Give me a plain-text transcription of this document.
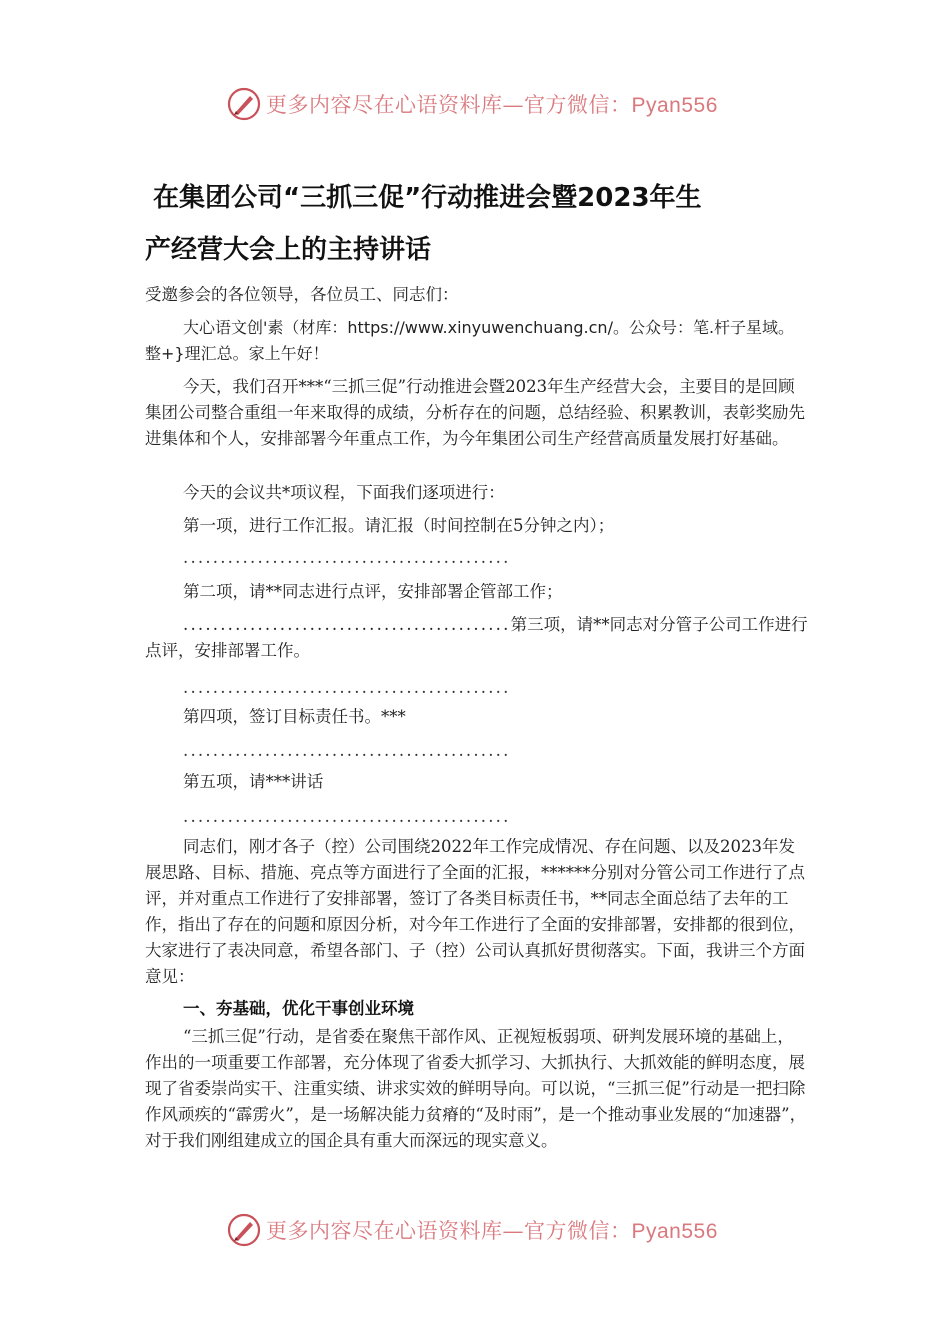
更多内容尽在心语资料库—官方微信：Pyan556
在集团公司“三抓三促”行动推进会暨2023年生
产经营大会上的主持讲话

受邀参会的各位领导，各位员工、同志们：

大心语文创'素（材库：https://www.xinyuwenchuang.cn/。公众号：笔.杆子星域。整+}理汇总。家上午好！

今天，我们召开***“三抓三促”行动推进会暨2023年生产经营大会，主要目的是回顾集团公司整合重组一年来取得的成绩，分析存在的问题，总结经验、积累教训，表彰奖励先进集体和个人，安排部署今年重点工作，为今年集团公司生产经营高质量发展打好基础。

今天的会议共*项议程，下面我们逐项进行：

第一项，进行工作汇报。请汇报（时间控制在5分钟之内）；

............................................

第二项，请**同志进行点评，安排部署企管部工作；

............................................第三项，请**同志对分管子公司工作进行点评，安排部署工作。

............................................

第四项，签订目标责任书。***

............................................

第五项，请***讲话

............................................

同志们，刚才各子（控）公司围绕2022年工作完成情况、存在问题、以及2023年发展思路、目标、措施、亮点等方面进行了全面的汇报，******分别对分管公司工作进行了点评，并对重点工作进行了安排部署，签订了各类目标责任书，**同志全面总结了去年的工作，指出了存在的问题和原因分析，对今年工作进行了全面的安排部署，安排都的很到位，大家进行了表决同意，希望各部门、子（控）公司认真抓好贯彻落实。下面，我讲三个方面意见：

一、夯基础，优化干事创业环境

“三抓三促”行动，是省委在聚焦干部作风、正视短板弱项、研判发展环境的基础上，作出的一项重要工作部署，充分体现了省委大抓学习、大抓执行、大抓效能的鲜明态度，展现了省委崇尚实干、注重实绩、讲求实效的鲜明导向。可以说，“三抓三促”行动是一把扫除作风顽疾的“霹雳火”，是一场解决能力贫瘠的“及时雨”，是一个推动事业发展的“加速器”，对于我们刚组建成立的国企具有重大而深远的现实意义。

更多内容尽在心语资料库—官方微信：Pyan556
